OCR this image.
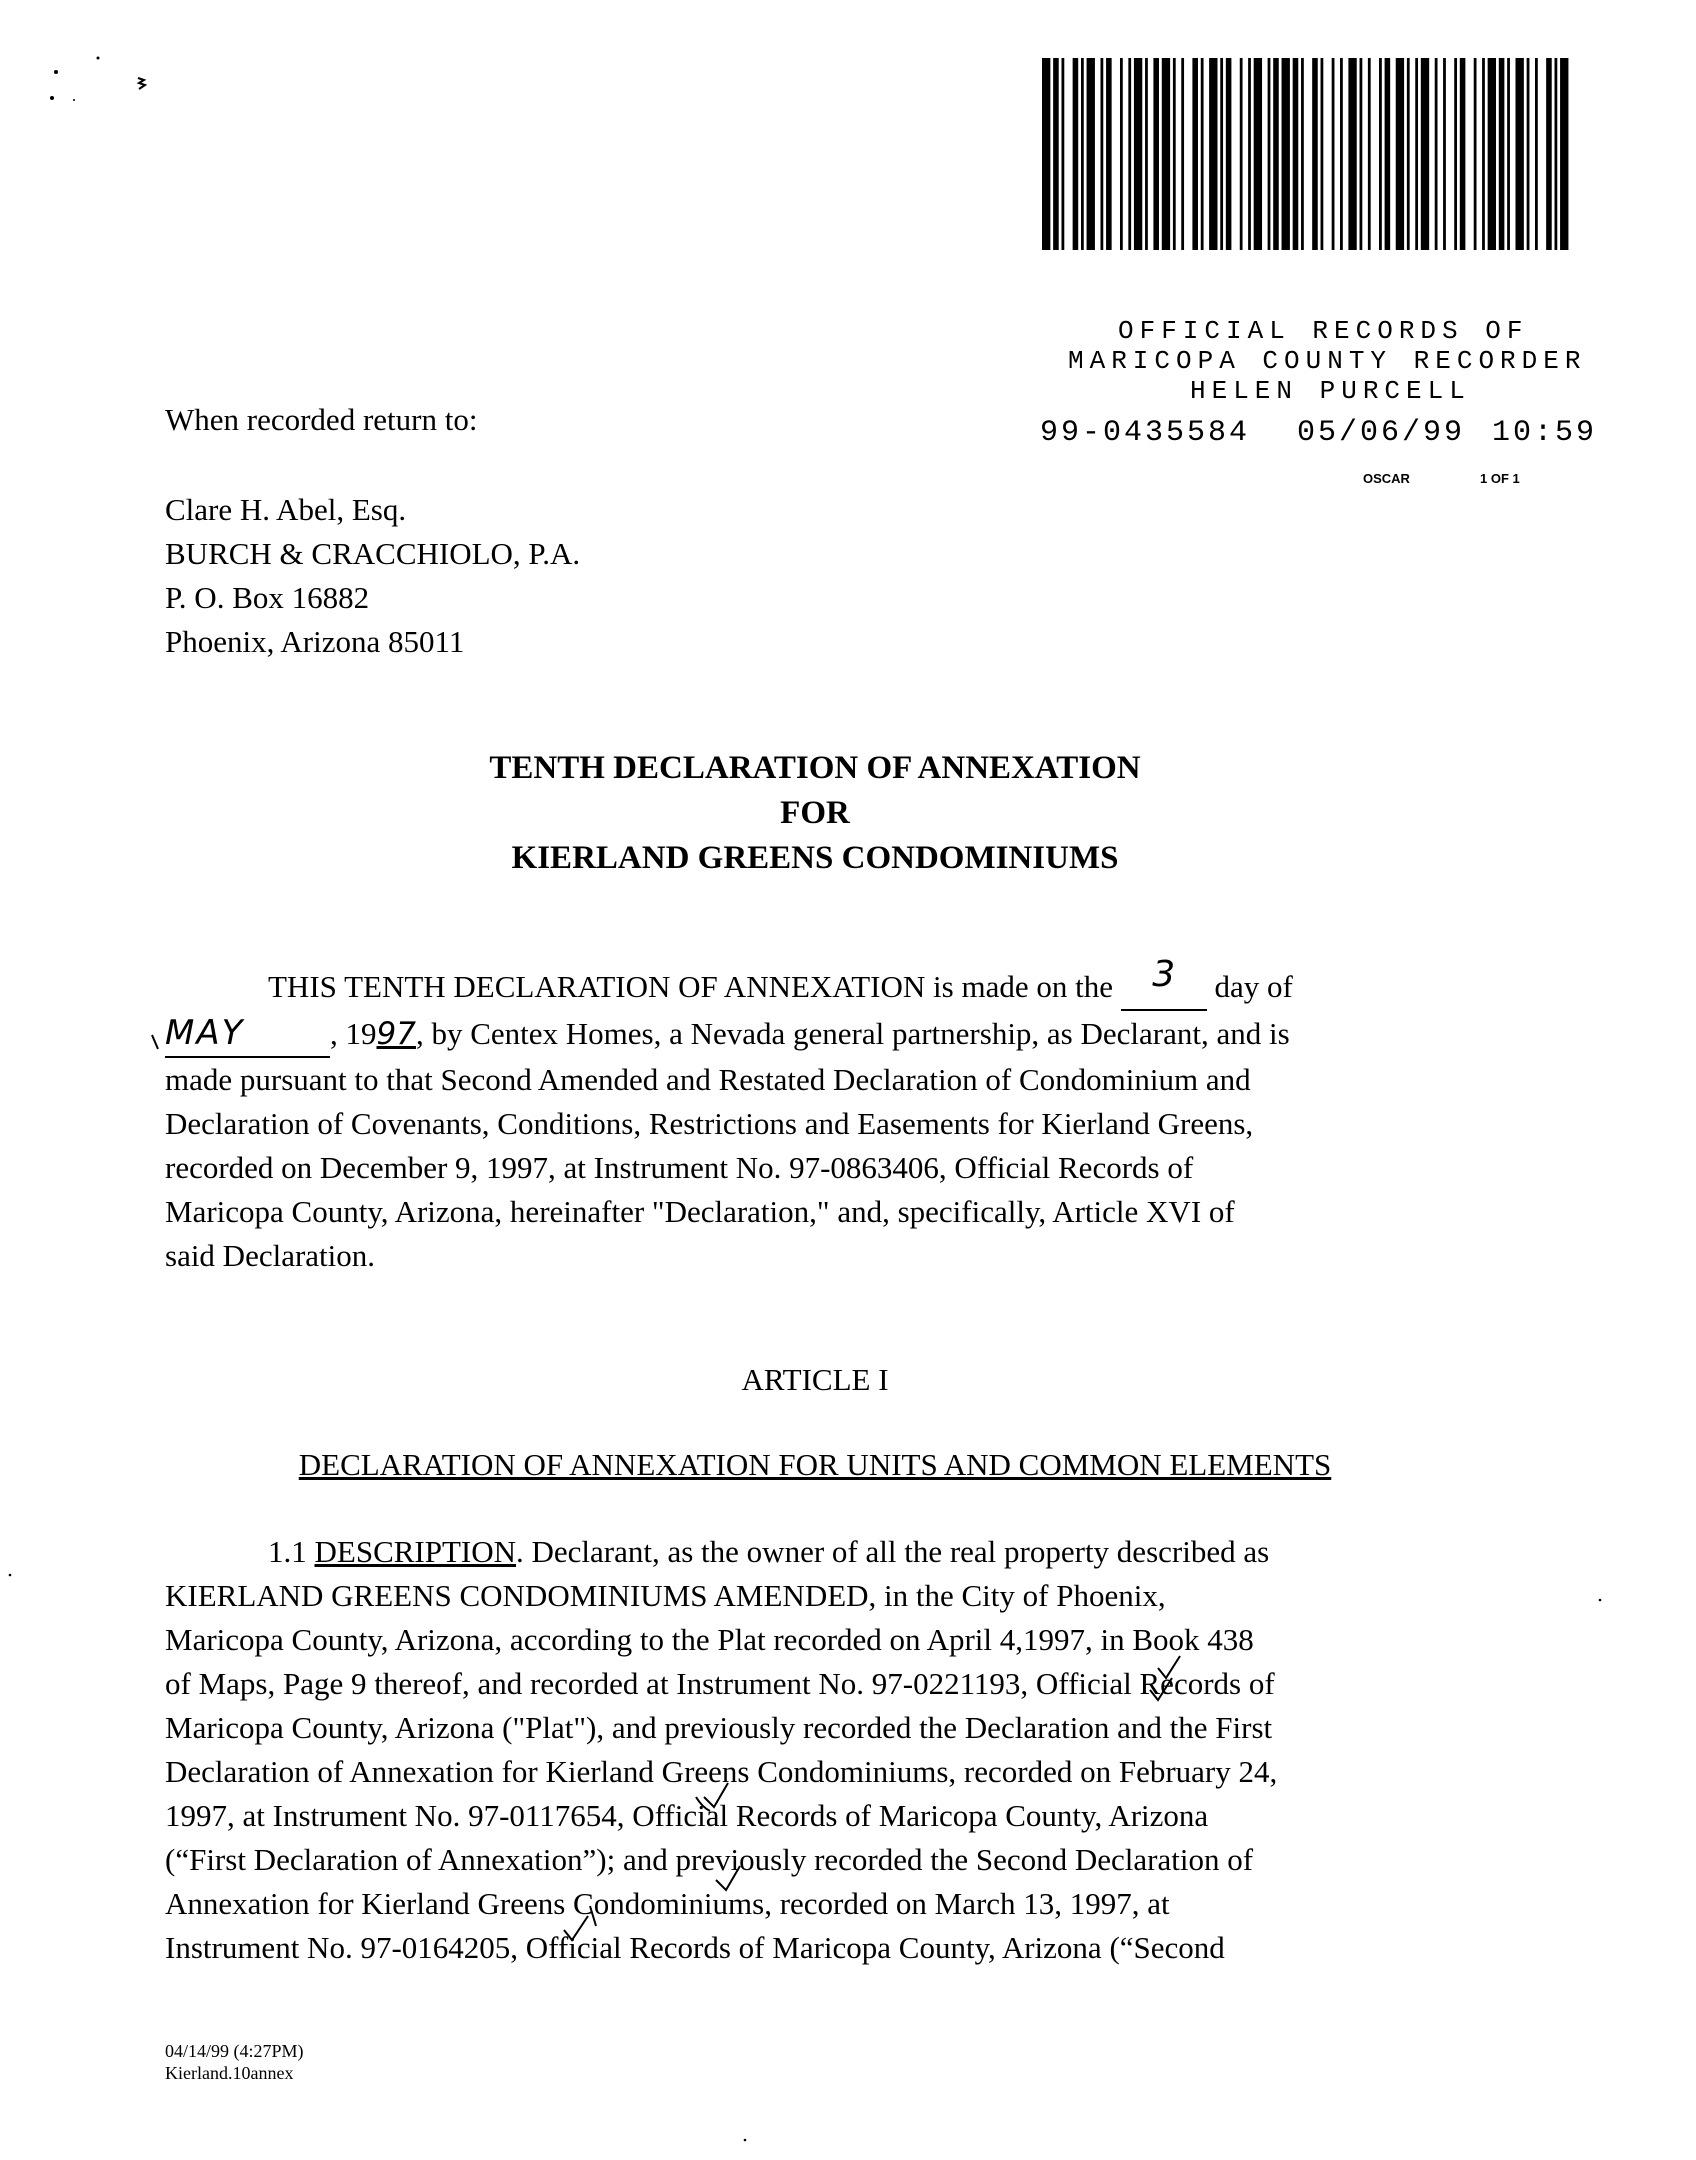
OFFICIAL RECORDS OF
MARICOPA COUNTY RECORDER
HELEN PURCELL
99-0435584 05/06/99 10:59
OSCAR	1 OF 1
When recorded return to:
Clare H. Abel, Esq.
BURCH & CRACCHIOLO, P.A.
P. O. Box 16882
Phoenix, Arizona 85011
TENTH DECLARATION OF ANNEXATION
FOR
KIERLAND GREENS CONDOMINIUMS
THIS TENTH DECLARATION OF ANNEXATION is made on the 3	day of
MAY	, 1997, by Centex Homes, a Nevada general partnership, as Declarant, and is
made pursuant to that Second Amended and Restated Declaration of Condominium and
Declaration of Covenants, Conditions, Restrictions and Easements for Kierland Greens,
recorded on December 9, 1997, at Instrument No. 97-0863406, Official Records of
Maricopa County, Arizona, hereinafter "Declaration," and, specifically, Article XVI of
said Declaration.
ARTICLE I
DECLARATION OF ANNEXATION FOR UNITS AND COMMON ELEMENTS
1.1 DESCRIPTION. Declarant, as the owner of all the real property described as
KIERLAND GREENS CONDOMINIUMS AMENDED, in the City of Phoenix,
Maricopa County, Arizona, according to the Plat recorded on April 4,1997, in Book 438
of Maps, Page 9 thereof, and recorded at Instrument No. 97-0221193, Official Records of
Maricopa County, Arizona ("Plat"), and previously recorded the Declaration and the First
Declaration of Annexation for Kierland Greens Condominiums, recorded on February 24,
1997, at Instrument No. 97-0117654, Official Records of Maricopa County, Arizona
(“First Declaration of Annexation”); and previously recorded the Second Declaration of
Annexation for Kierland Greens Condominiums, recorded on March 13, 1997, at
Instrument No. 97-0164205, Official Records of Maricopa County, Arizona (“Second
04/14/99 (4:27PM)
Kierland.10annex
